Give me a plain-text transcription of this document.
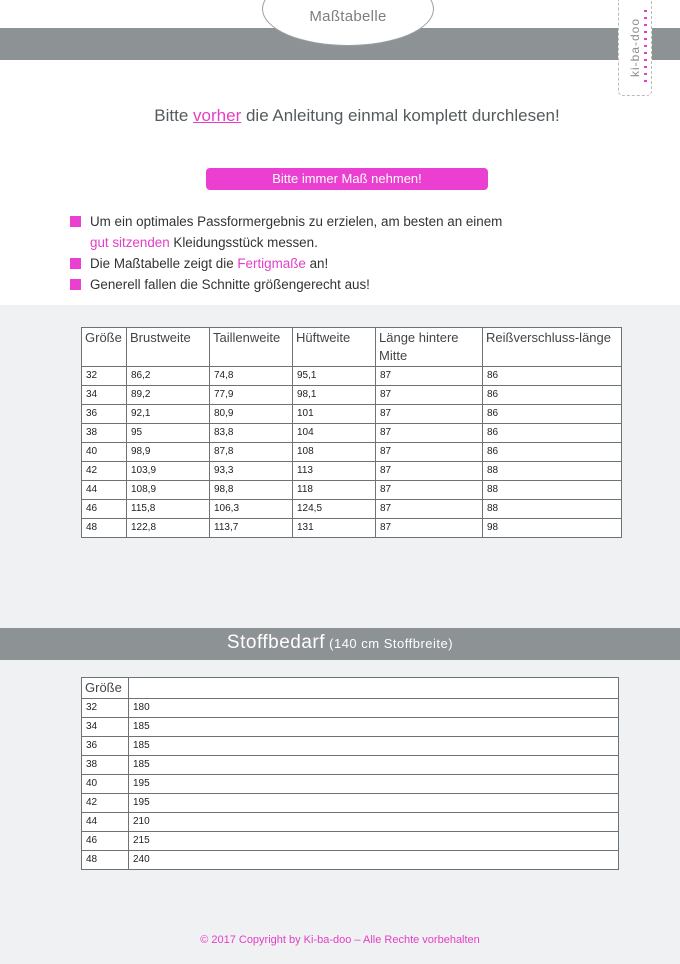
Maßtabelle
ki-ba-doo
Bitte vorher die Anleitung einmal komplett durchlesen!
Bitte immer Maß nehmen!
Um ein optimales Passformergebnis zu erzielen, am besten an einem
gut sitzenden Kleidungsstück messen.
Die Maßtabelle zeigt die Fertigmaße an!
Generell fallen die Schnitte größengerecht aus!
Größe	Brustweite	Taillenweite	Hüftweite	Länge hintere Mitte	Reißverschluss-länge
32	86,2	74,8	95,1	87	86
34	89,2	77,9	98,1	87	86
36	92,1	80,9	101	87	86
38	95	83,8	104	87	86
40	98,9	87,8	108	87	86
42	103,9	93,3	113	87	88
44	108,9	98,8	118	87	88
46	115,8	106,3	124,5	87	88
48	122,8	113,7	131	87	98
Stoffbedarf (140 cm Stoffbreite)
Größe	
32	180
34	185
36	185
38	185
40	195
42	195
44	210
46	215
48	240
© 2017 Copyright by Ki-ba-doo – Alle Rechte vorbehalten
